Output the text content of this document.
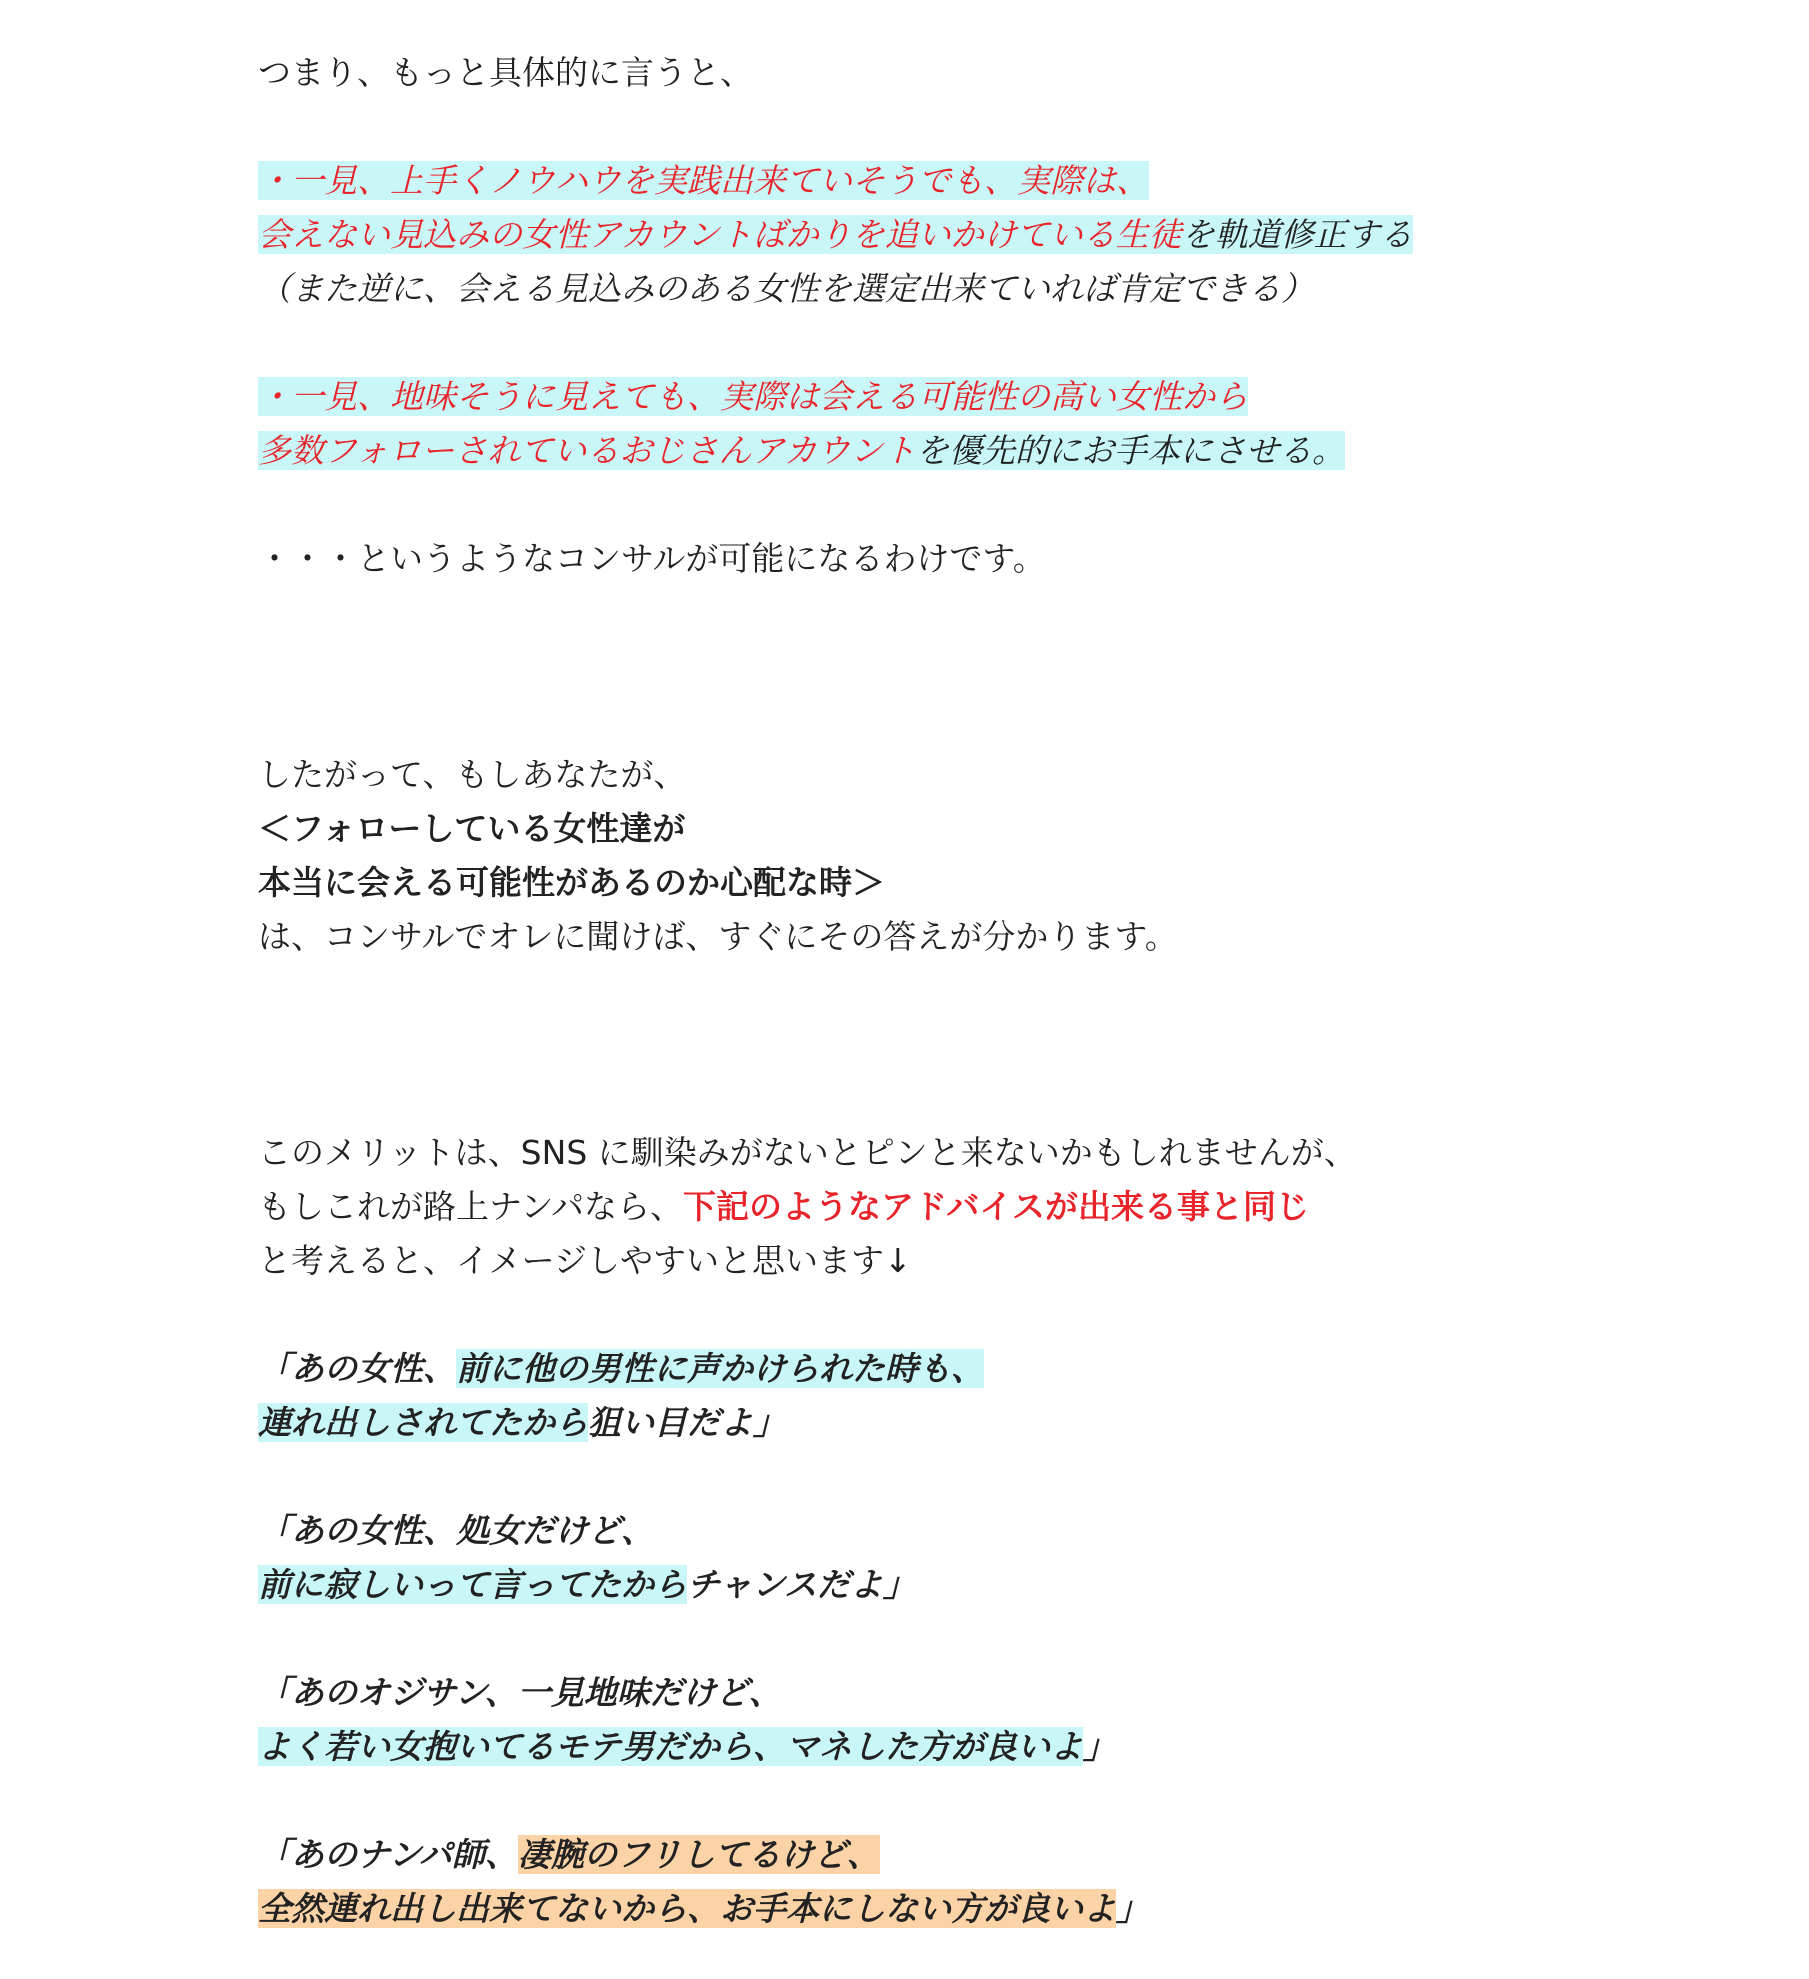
つまり、もっと具体的に言うと、
・一見、上手くノウハウを実践出来ていそうでも、実際は、
会えない見込みの女性アカウントばかりを追いかけている生徒を軌道修正する
（また逆に、会える見込みのある女性を選定出来ていれば肯定できる）
・一見、地味そうに見えても、実際は会える可能性の高い女性から
多数フォローされているおじさんアカウントを優先的にお手本にさせる。
・・・というようなコンサルが可能になるわけです。
したがって、もしあなたが、
＜フォローしている女性達が
本当に会える可能性があるのか心配な時＞
は、コンサルでオレに聞けば、すぐにその答えが分かります。
このメリットは、SNS に馴染みがないとピンと来ないかもしれませんが、
もしこれが路上ナンパなら、下記のようなアドバイスが出来る事と同じ
と考えると、イメージしやすいと思います↓
「あの女性、前に他の男性に声かけられた時も、
連れ出しされてたから狙い目だよ」
「あの女性、処女だけど、
前に寂しいって言ってたからチャンスだよ」
「あのオジサン、一見地味だけど、
よく若い女抱いてるモテ男だから、マネした方が良いよ」
「あのナンパ師、凄腕のフリしてるけど、
全然連れ出し出来てないから、お手本にしない方が良いよ」
